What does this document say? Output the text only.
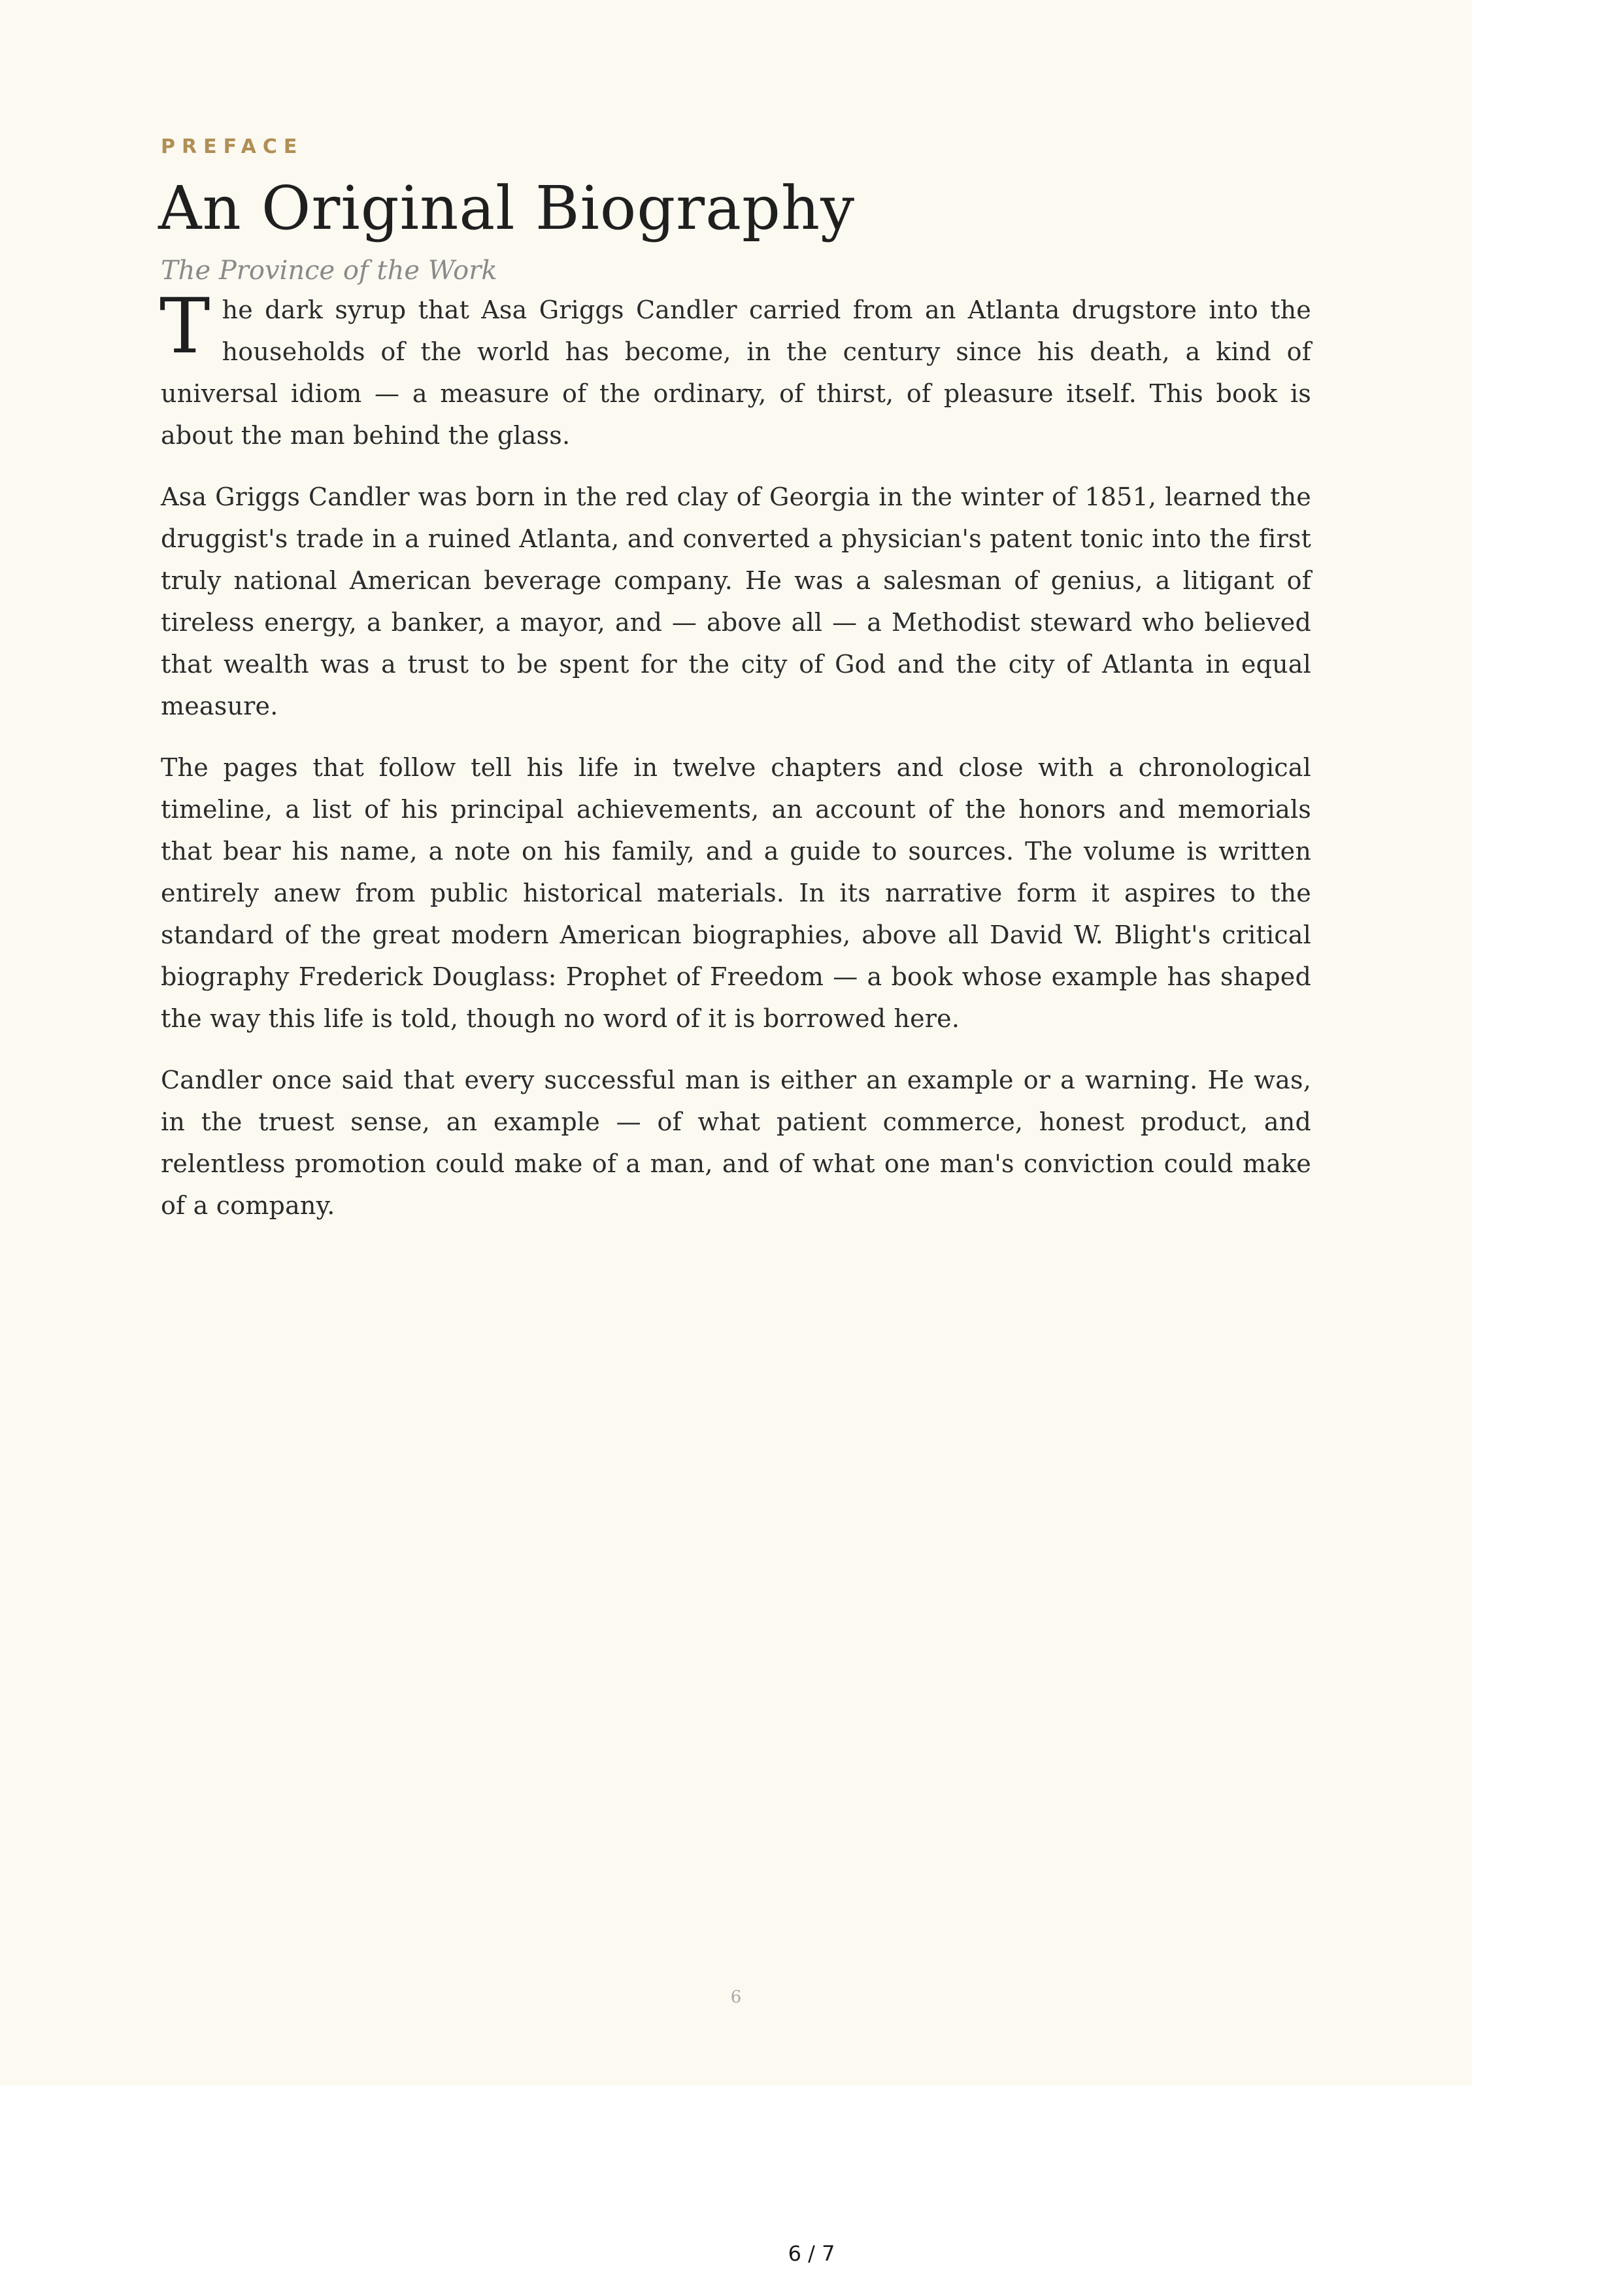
PREFACE
An Original Biography
The Province of the Work

The dark syrup that Asa Griggs Candler carried from an Atlanta drugstore into the households of the world has become, in the century since his death, a kind of universal idiom — a measure of the ordinary, of thirst, of pleasure itself. This book is about the man behind the glass.

Asa Griggs Candler was born in the red clay of Georgia in the winter of 1851, learned the druggist's trade in a ruined Atlanta, and converted a physician's patent tonic into the first truly national American beverage company. He was a salesman of genius, a litigant of tireless energy, a banker, a mayor, and — above all — a Methodist steward who believed that wealth was a trust to be spent for the city of God and the city of Atlanta in equal measure.

The pages that follow tell his life in twelve chapters and close with a chronological timeline, a list of his principal achievements, an account of the honors and memorials that bear his name, a note on his family, and a guide to sources. The volume is written entirely anew from public historical materials. In its narrative form it aspires to the standard of the great modern American biographies, above all David W. Blight's critical biography Frederick Douglass: Prophet of Freedom — a book whose example has shaped the way this life is told, though no word of it is borrowed here.

Candler once said that every successful man is either an example or a warning. He was, in the truest sense, an example — of what patient commerce, honest product, and relentless promotion could make of a man, and of what one man's conviction could make of a company.

6
6 / 7
